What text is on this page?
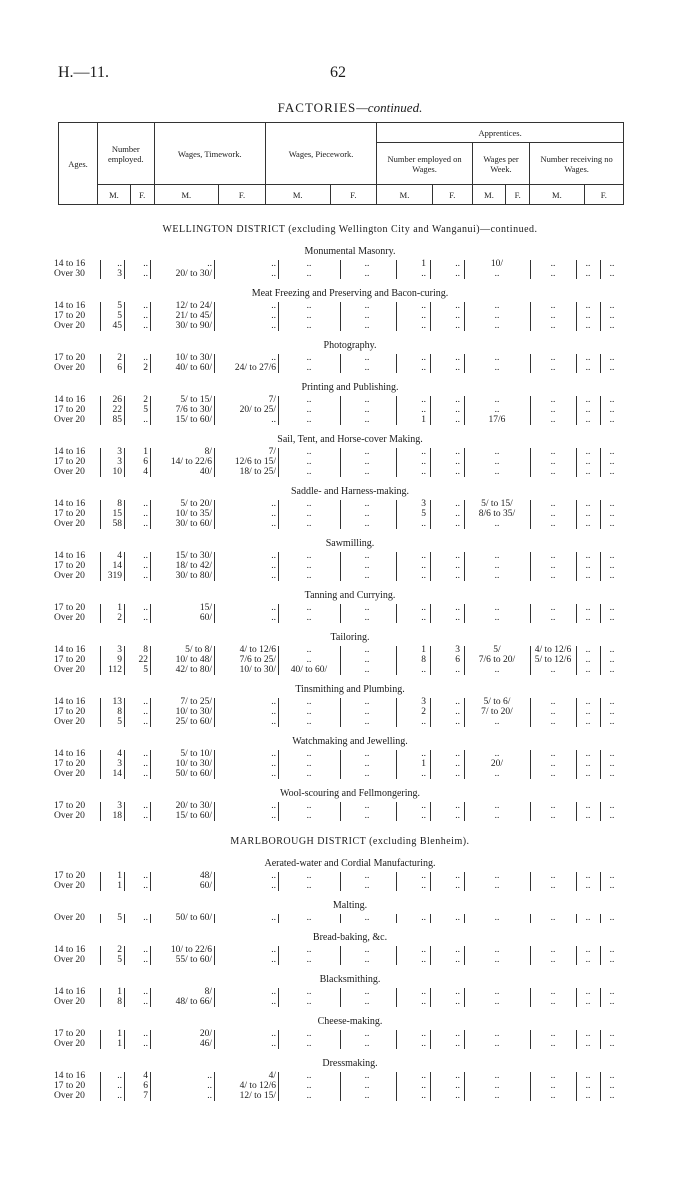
H.—11.	62
FACTORIES—continued.
Ages.	Number employed.		Wages, Timework.		Wages, Piecework.		Apprentices.					
							Number employed on Wages.		Wages per Week.		Number receiving no Wages.	
	M.	F.	M.	F.	M.	F.	M.	F.	M.	F.	M.	F.
WELLINGTON DISTRICT (excluding Wellington City and Wanganui)—continued.
Monumental Masonry.
14 to 16	..	..	..	..	..	..	1	..	10/	..	..	..
Over 30	3	..	20/ to 30/	..	..	..	..	..	..	..	..	..
Meat Freezing and Preserving and Bacon-curing.
14 to 16	5	..	12/ to 24/	..	..	..	..	..	..	..	..	..
17 to 20	5	..	21/ to 45/	..	..	..	..	..	..	..	..	..
Over 20	45	..	30/ to 90/	..	..	..	..	..	..	..	..	..
Photography.
17 to 20	2	..	10/ to 30/	..	..	..	..	..	..	..	..	..
Over 20	6	2	40/ to 60/	24/ to 27/6	..	..	..	..	..	..	..	..
Printing and Publishing.
14 to 16	26	2	5/ to 15/	7/	..	..	..	..	..	..	..	..
17 to 20	22	5	7/6 to 30/	20/ to 25/	..	..	..	..	..	..	..	..
Over 20	85	..	15/ to 60/	..	..	..	1	..	17/6	..	..	..
Sail, Tent, and Horse-cover Making.
14 to 16	3	1	8/	7/	..	..	..	..	..	..	..	..
17 to 20	3	6	14/ to 22/6	12/6 to 15/	..	..	..	..	..	..	..	..
Over 20	10	4	40/	18/ to 25/	..	..	..	..	..	..	..	..
Saddle- and Harness-making.
14 to 16	8	..	5/ to 20/	..	..	..	3	..	5/ to 15/	..	..	..
17 to 20	15	..	10/ to 35/	..	..	..	5	..	8/6 to 35/	..	..	..
Over 20	58	..	30/ to 60/	..	..	..	..	..	..	..	..	..
Sawmilling.
14 to 16	4	..	15/ to 30/	..	..	..	..	..	..	..	..	..
17 to 20	14	..	18/ to 42/	..	..	..	..	..	..	..	..	..
Over 20	319	..	30/ to 80/	..	..	..	..	..	..	..	..	..
Tanning and Currying.
17 to 20	1	..	15/	..	..	..	..	..	..	..	..	..
Over 20	2	..	60/	..	..	..	..	..	..	..	..	..
Tailoring.
14 to 16	3	8	5/ to 8/	4/ to 12/6	..	..	1	3	5/	4/ to 12/6	..	..
17 to 20	9	22	10/ to 48/	7/6 to 25/	..	..	8	6	7/6 to 20/	5/ to 12/6	..	..
Over 20	112	5	42/ to 80/	10/ to 30/	40/ to 60/	..	..	..	..	..	..	..
Tinsmithing and Plumbing.
14 to 16	13	..	7/ to 25/	..	..	..	3	..	5/ to 6/	..	..	..
17 to 20	8	..	10/ to 30/	..	..	..	2	..	7/ to 20/	..	..	..
Over 20	5	..	25/ to 60/	..	..	..	..	..	..	..	..	..
Watchmaking and Jewelling.
14 to 16	4	..	5/ to 10/	..	..	..	..	..	..	..	..	..
17 to 20	3	..	10/ to 30/	..	..	..	1	..	20/	..	..	..
Over 20	14	..	50/ to 60/	..	..	..	..	..	..	..	..	..
Wool-scouring and Fellmongering.
17 to 20	3	..	20/ to 30/	..	..	..	..	..	..	..	..	..
Over 20	18	..	15/ to 60/	..	..	..	..	..	..	..	..	..
MARLBOROUGH DISTRICT (excluding Blenheim).
Aerated-water and Cordial Manufacturing.
17 to 20	1	..	48/	..	..	..	..	..	..	..	..	..
Over 20	1	..	60/	..	..	..	..	..	..	..	..	..
Malting.
Over 20	5	..	50/ to 60/	..	..	..	..	..	..	..	..	..
Bread-baking, &c.
14 to 16	2	..	10/ to 22/6	..	..	..	..	..	..	..	..	..
Over 20	5	..	55/ to 60/	..	..	..	..	..	..	..	..	..
Blacksmithing.
14 to 16	1	..	8/	..	..	..	..	..	..	..	..	..
Over 20	8	..	48/ to 66/	..	..	..	..	..	..	..	..	..
Cheese-making.
17 to 20	1	..	20/	..	..	..	..	..	..	..	..	..
Over 20	1	..	46/	..	..	..	..	..	..	..	..	..
Dressmaking.
14 to 16	..	4	..	4/	..	..	..	..	..	..	..	..
17 to 20	..	6	..	4/ to 12/6	..	..	..	..	..	..	..	..
Over 20	..	7	..	12/ to 15/	..	..	..	..	..	..	..	..
